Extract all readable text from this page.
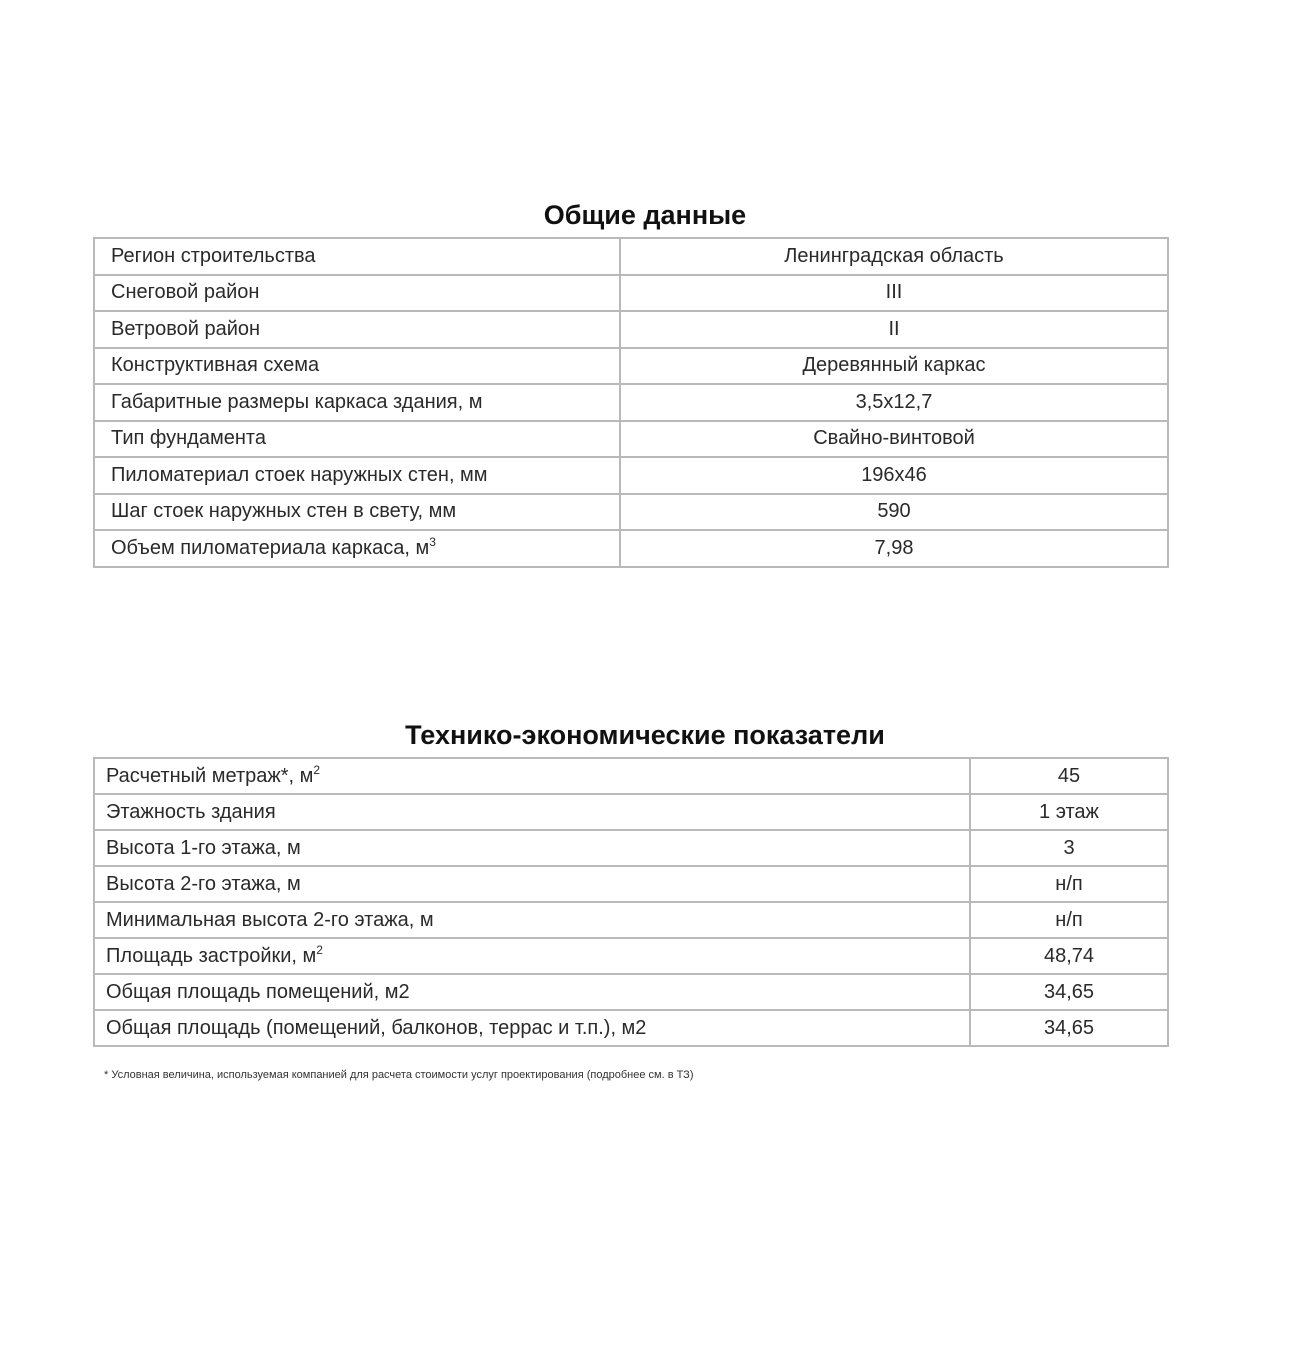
Общие данные
Регион строительства	Ленинградская область
Снеговой район	III
Ветровой район	II
Конструктивная схема	Деревянный каркас
Габаритные размеры каркаса здания, м	3,5x12,7
Тип фундамента	Свайно-винтовой
Пиломатериал стоек наружных стен, мм	196x46
Шаг стоек наружных стен в свету, мм	590
Объем пиломатериала каркаса, $м^3$	7,98
Технико-экономические показатели
Расчетный метраж*, $м^2$	45
Этажность здания	1 этаж
Высота 1-го этажа, м	3
Высота 2-го этажа, м	н/п
Минимальная высота 2-го этажа, м	н/п
Площадь застройки, $м^2$	48,74
Общая площадь помещений, м2	34,65
Общая площадь (помещений, балконов, террас и т.п.), м2	34,65
* Условная величина, используемая компанией для расчета стоимости услуг проектирования (подробнее см. в ТЗ)
